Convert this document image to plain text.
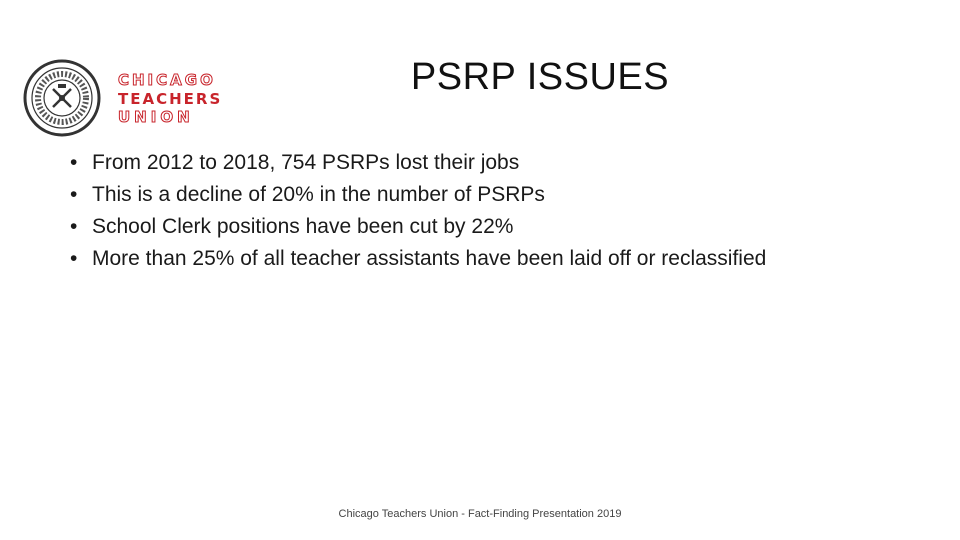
CHICAGO
TEACHERS
UNION
PSRP ISSUES
• From 2012 to 2018, 754 PSRPs lost their jobs
• This is a decline of 20% in the number of PSRPs
• School Clerk positions have been cut by 22%
• More than 25% of all teacher assistants have been laid off or reclassified
Chicago Teachers Union - Fact-Finding Presentation 2019
